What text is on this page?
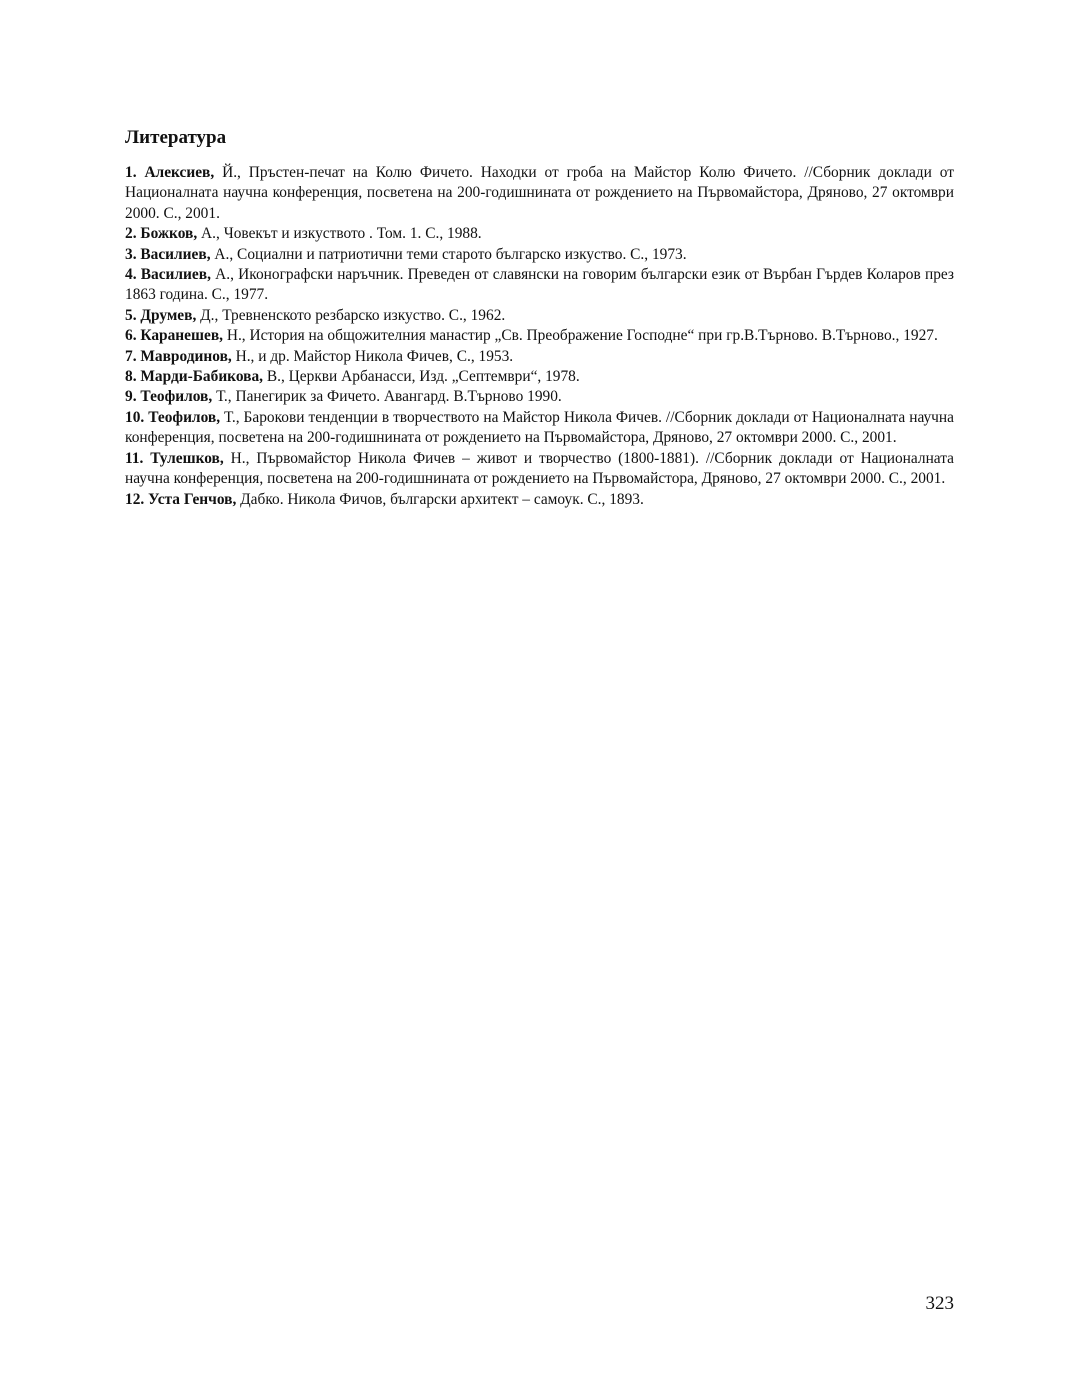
Литература
1. Алексиев, Й., Пръстен-печат на Колю Фичето. Находки от гроба на Майстор Колю Фичето. //Сборник доклади от Националната научна конференция, посветена на 200-годишнината от рождението на Първомайстора, Дряново, 27 октомври 2000. С., 2001.
2. Божков, А., Човекът и изкуството . Том. 1. С., 1988.
3. Василиев, А., Социални и патриотични теми старото българско изкуство. С., 1973.
4. Василиев, А., Иконографски наръчник. Преведен от славянски на говорим български език от Върбан Гърдев Коларов през 1863 година. С., 1977.
5. Друмев, Д., Тревненското резбарско изкуство. С., 1962.
6. Каранешев, Н., История на общожителния манастир „Св. Преображение Господне“ при гр.В.Търново. В.Търново., 1927.
7. Мавродинов, Н., и др. Майстор Никола Фичев, С., 1953.
8. Марди-Бабикова, В., Церкви Арбанасси, Изд. „Септември“, 1978.
9. Теофилов, Т., Панегирик за Фичето. Авангард. В.Търново 1990.
10. Теофилов, Т., Барокови тенденции в творчеството на Майстор Никола Фичев. //Сборник доклади от Националната научна конференция, посветена на 200-годишнината от рождението на Първомайстора, Дряново, 27 октомври 2000. С., 2001.
11. Тулешков, Н., Първомайстор Никола Фичев – живот и творчество (1800-1881). //Сборник доклади от Националната научна конференция, посветена на 200-годишнината от рождението на Първомайстора, Дряново, 27 октомври 2000. С., 2001.
12. Уста Генчов, Дабко. Никола Фичов, български архитект – самоук. С., 1893.
323
